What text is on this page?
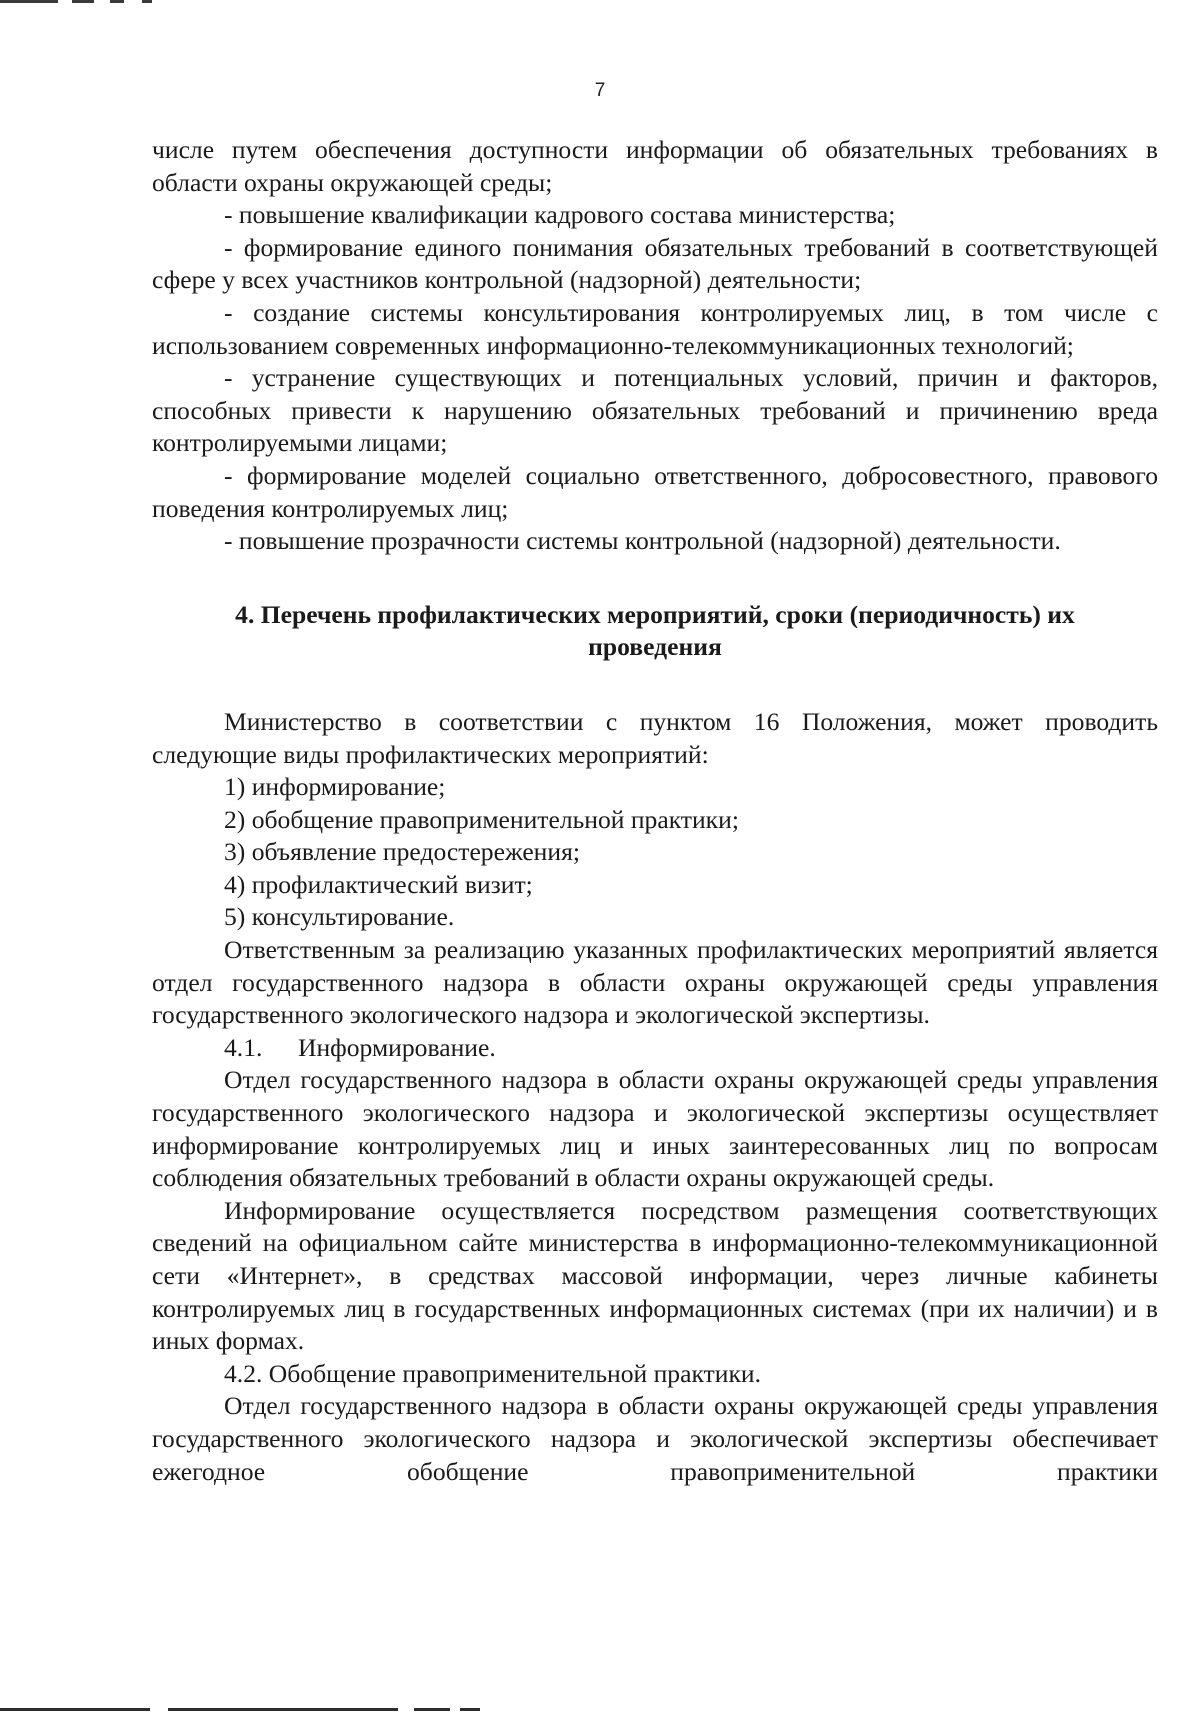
7

числе путем обеспечения доступности информации об обязательных требованиях в области охраны окружающей среды;

- повышение квалификации кадрового состава министерства;

- формирование единого понимания обязательных требований в соответствующей сфере у всех участников контрольной (надзорной) деятельности;

- создание системы консультирования контролируемых лиц, в том числе с использованием современных информационно-телекоммуникационных технологий;

- устранение существующих и потенциальных условий, причин и факторов, способных привести к нарушению обязательных требований и причинению вреда контролируемыми лицами;

- формирование моделей социально ответственного, добросовестного, правового поведения контролируемых лиц;

- повышение прозрачности системы контрольной (надзорной) деятельности.

4. Перечень профилактических мероприятий, сроки (периодичность) их
проведения

Министерство в соответствии с пунктом 16 Положения, может проводить следующие виды профилактических мероприятий:

1) информирование;

2) обобщение правоприменительной практики;

3) объявление предостережения;

4) профилактический визит;

5) консультирование.

Ответственным за реализацию указанных профилактических мероприятий является отдел государственного надзора в области охраны окружающей среды управления государственного экологического надзора и экологической экспертизы.

4.1. Информирование.

Отдел государственного надзора в области охраны окружающей среды управления государственного экологического надзора и экологической экспертизы осуществляет информирование контролируемых лиц и иных заинтересованных лиц по вопросам соблюдения обязательных требований в области охраны окружающей среды.

Информирование осуществляется посредством размещения соответствующих сведений на официальном сайте министерства в информационно-телекоммуникационной сети «Интернет», в средствах массовой информации, через личные кабинеты контролируемых лиц в государственных информационных системах (при их наличии) и в иных формах.

4.2. Обобщение правоприменительной практики.

Отдел государственного надзора в области охраны окружающей среды управления государственного экологического надзора и экологической экспертизы обеспечивает ежегодное обобщение правоприменительной практики
